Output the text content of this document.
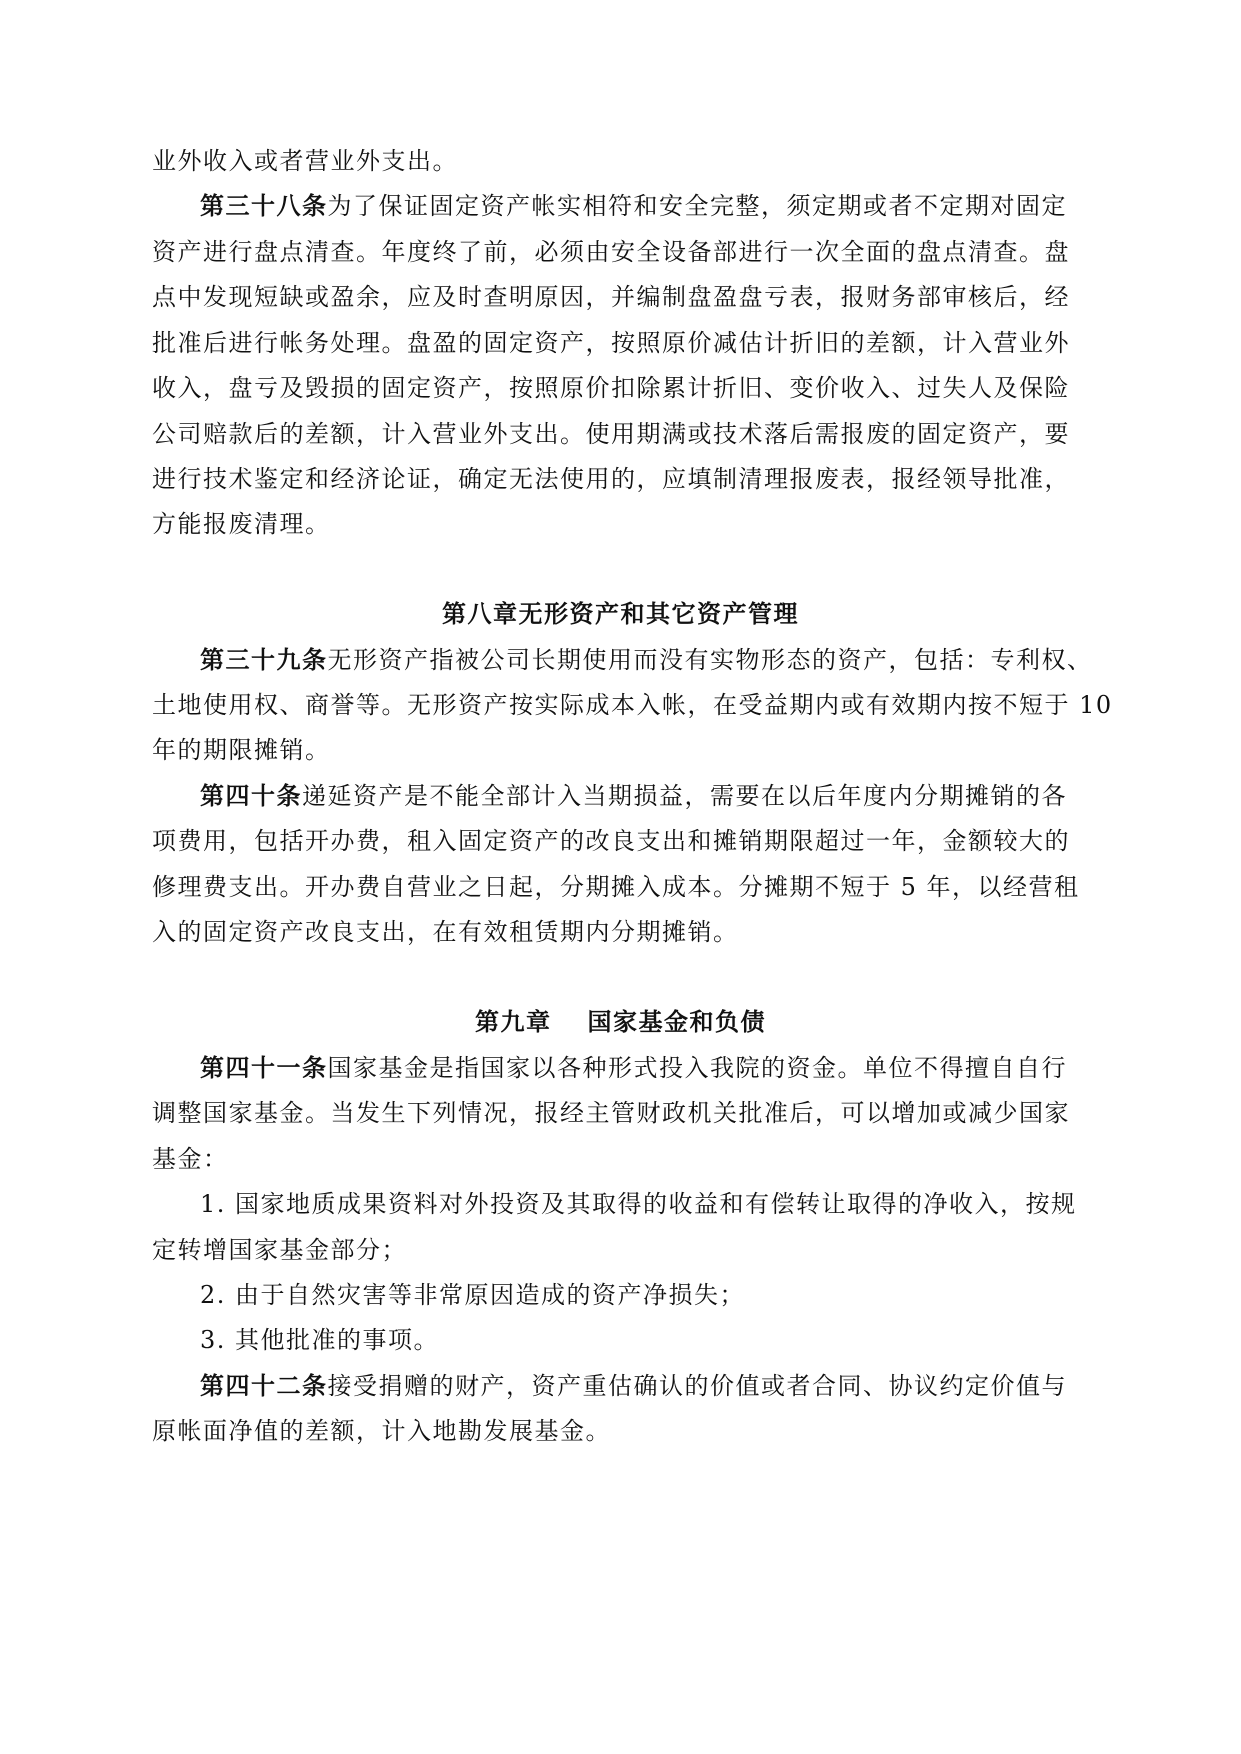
业外收入或者营业外支出。
第三十八条为了保证固定资产帐实相符和安全完整，须定期或者不定期对固定
资产进行盘点清查。年度终了前，必须由安全设备部进行一次全面的盘点清查。盘
点中发现短缺或盈余，应及时查明原因，并编制盘盈盘亏表，报财务部审核后，经
批准后进行帐务处理。盘盈的固定资产，按照原价减估计折旧的差额，计入营业外
收入，盘亏及毁损的固定资产，按照原价扣除累计折旧、变价收入、过失人及保险
公司赔款后的差额，计入营业外支出。使用期满或技术落后需报废的固定资产，要
进行技术鉴定和经济论证，确定无法使用的，应填制清理报废表，报经领导批准，
方能报废清理。
第八章无形资产和其它资产管理
第三十九条无形资产指被公司长期使用而没有实物形态的资产，包括：专利权、
土地使用权、商誉等。无形资产按实际成本入帐，在受益期内或有效期内按不短于 10
年的期限摊销。
第四十条递延资产是不能全部计入当期损益，需要在以后年度内分期摊销的各
项费用，包括开办费，租入固定资产的改良支出和摊销期限超过一年，金额较大的
修理费支出。开办费自营业之日起，分期摊入成本。分摊期不短于 5 年，以经营租
入的固定资产改良支出，在有效租赁期内分期摊销。
第九章 国家基金和负债
第四十一条国家基金是指国家以各种形式投入我院的资金。单位不得擅自自行
调整国家基金。当发生下列情况，报经主管财政机关批准后，可以增加或减少国家
基金：
1. 国家地质成果资料对外投资及其取得的收益和有偿转让取得的净收入，按规
定转增国家基金部分；
2. 由于自然灾害等非常原因造成的资产净损失；
3. 其他批准的事项。
第四十二条接受捐赠的财产，资产重估确认的价值或者合同、协议约定价值与
原帐面净值的差额，计入地勘发展基金。
